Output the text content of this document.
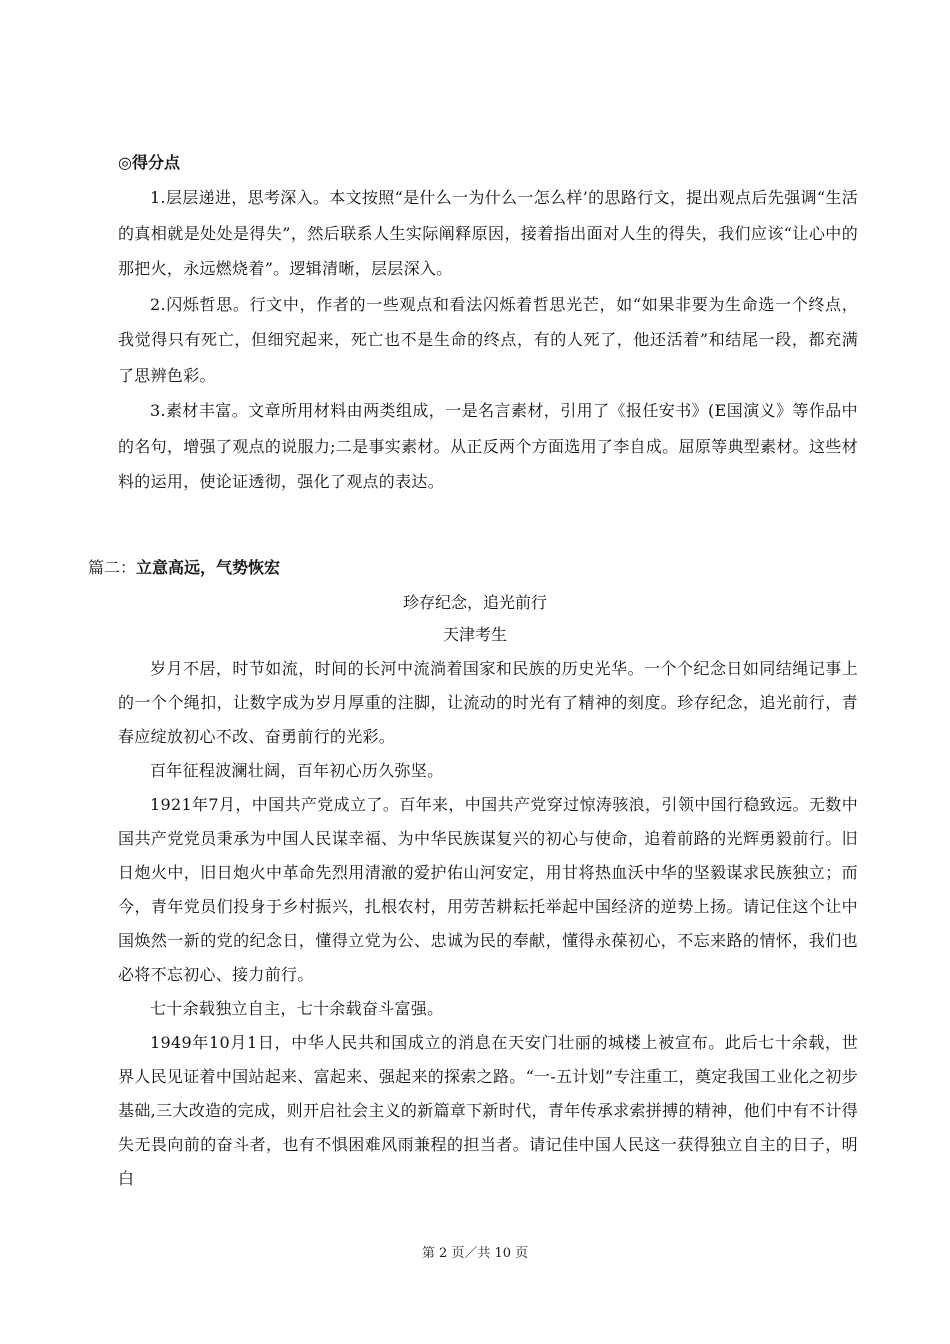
◎得分点

1.层层递进，思考深入。本文按照“是什么一为什么一怎么样’的思路行文，提出观点后先强调“生活的真相就是处处是得失”，然后联系人生实际阐释原因，接着指出面对人生的得失，我们应该“让心中的那把火，永远燃烧着”。逻辑清晰，层层深入。

2.闪烁哲思。行文中，作者的一些观点和看法闪烁着哲思光芒，如“如果非要为生命选一个终点，我觉得只有死亡，但细究起来，死亡也不是生命的终点，有的人死了，他还活着”和结尾一段，都充满了思辨色彩。

3.素材丰富。文章所用材料由两类组成，一是名言素材，引用了《报任安书》(E国演义》等作品中的名句，增强了观点的说服力;二是事实素材。从正反两个方面选用了李自成。屈原等典型素材。这些材料的运用，使论证透彻，强化了观点的表达。

篇二：立意高远，气势恢宏
珍存纪念，追光前行
天津考生

岁月不居，时节如流，时间的长河中流淌着国家和民族的历史光华。一个个纪念日如同结绳记事上的一个个绳扣，让数字成为岁月厚重的注脚，让流动的时光有了精神的刻度。珍存纪念，追光前行，青春应绽放初心不改、奋勇前行的光彩。

百年征程波澜壮阔，百年初心历久弥坚。

1921年7月，中国共产党成立了。百年来，中国共产党穿过惊涛骇浪，引领中国行稳致远。无数中国共产党党员秉承为中国人民谋幸福、为中华民族谋复兴的初心与使命，追着前路的光辉勇毅前行。旧日炮火中，旧日炮火中革命先烈用清澈的爱护佑山河安定，用甘将热血沃中华的坚毅谋求民族独立；而今，青年党员们投身于乡村振兴，扎根农村，用劳苦耕耘托举起中国经济的逆势上扬。请记住这个让中国焕然一新的党的纪念日，懂得立党为公、忠诚为民的奉献，懂得永葆初心，不忘来路的情怀，我们也必将不忘初心、接力前行。

七十余载独立自主，七十余载奋斗富强。

1949年10月1日，中华人民共和国成立的消息在天安门壮丽的城楼上被宣布。此后七十余载，世界人民见证着中国站起来、富起来、强起来的探索之路。“一-五计划”专注重工，奠定我国工业化之初步基础,三大改造的完成，则开启社会主义的新篇章下新时代，青年传承求索拼搏的精神，他们中有不计得失无畏向前的奋斗者，也有不惧困难风雨兼程的担当者。请记佳中国人民这一获得独立自主的日子，明白

第 2 页／共 10 页
